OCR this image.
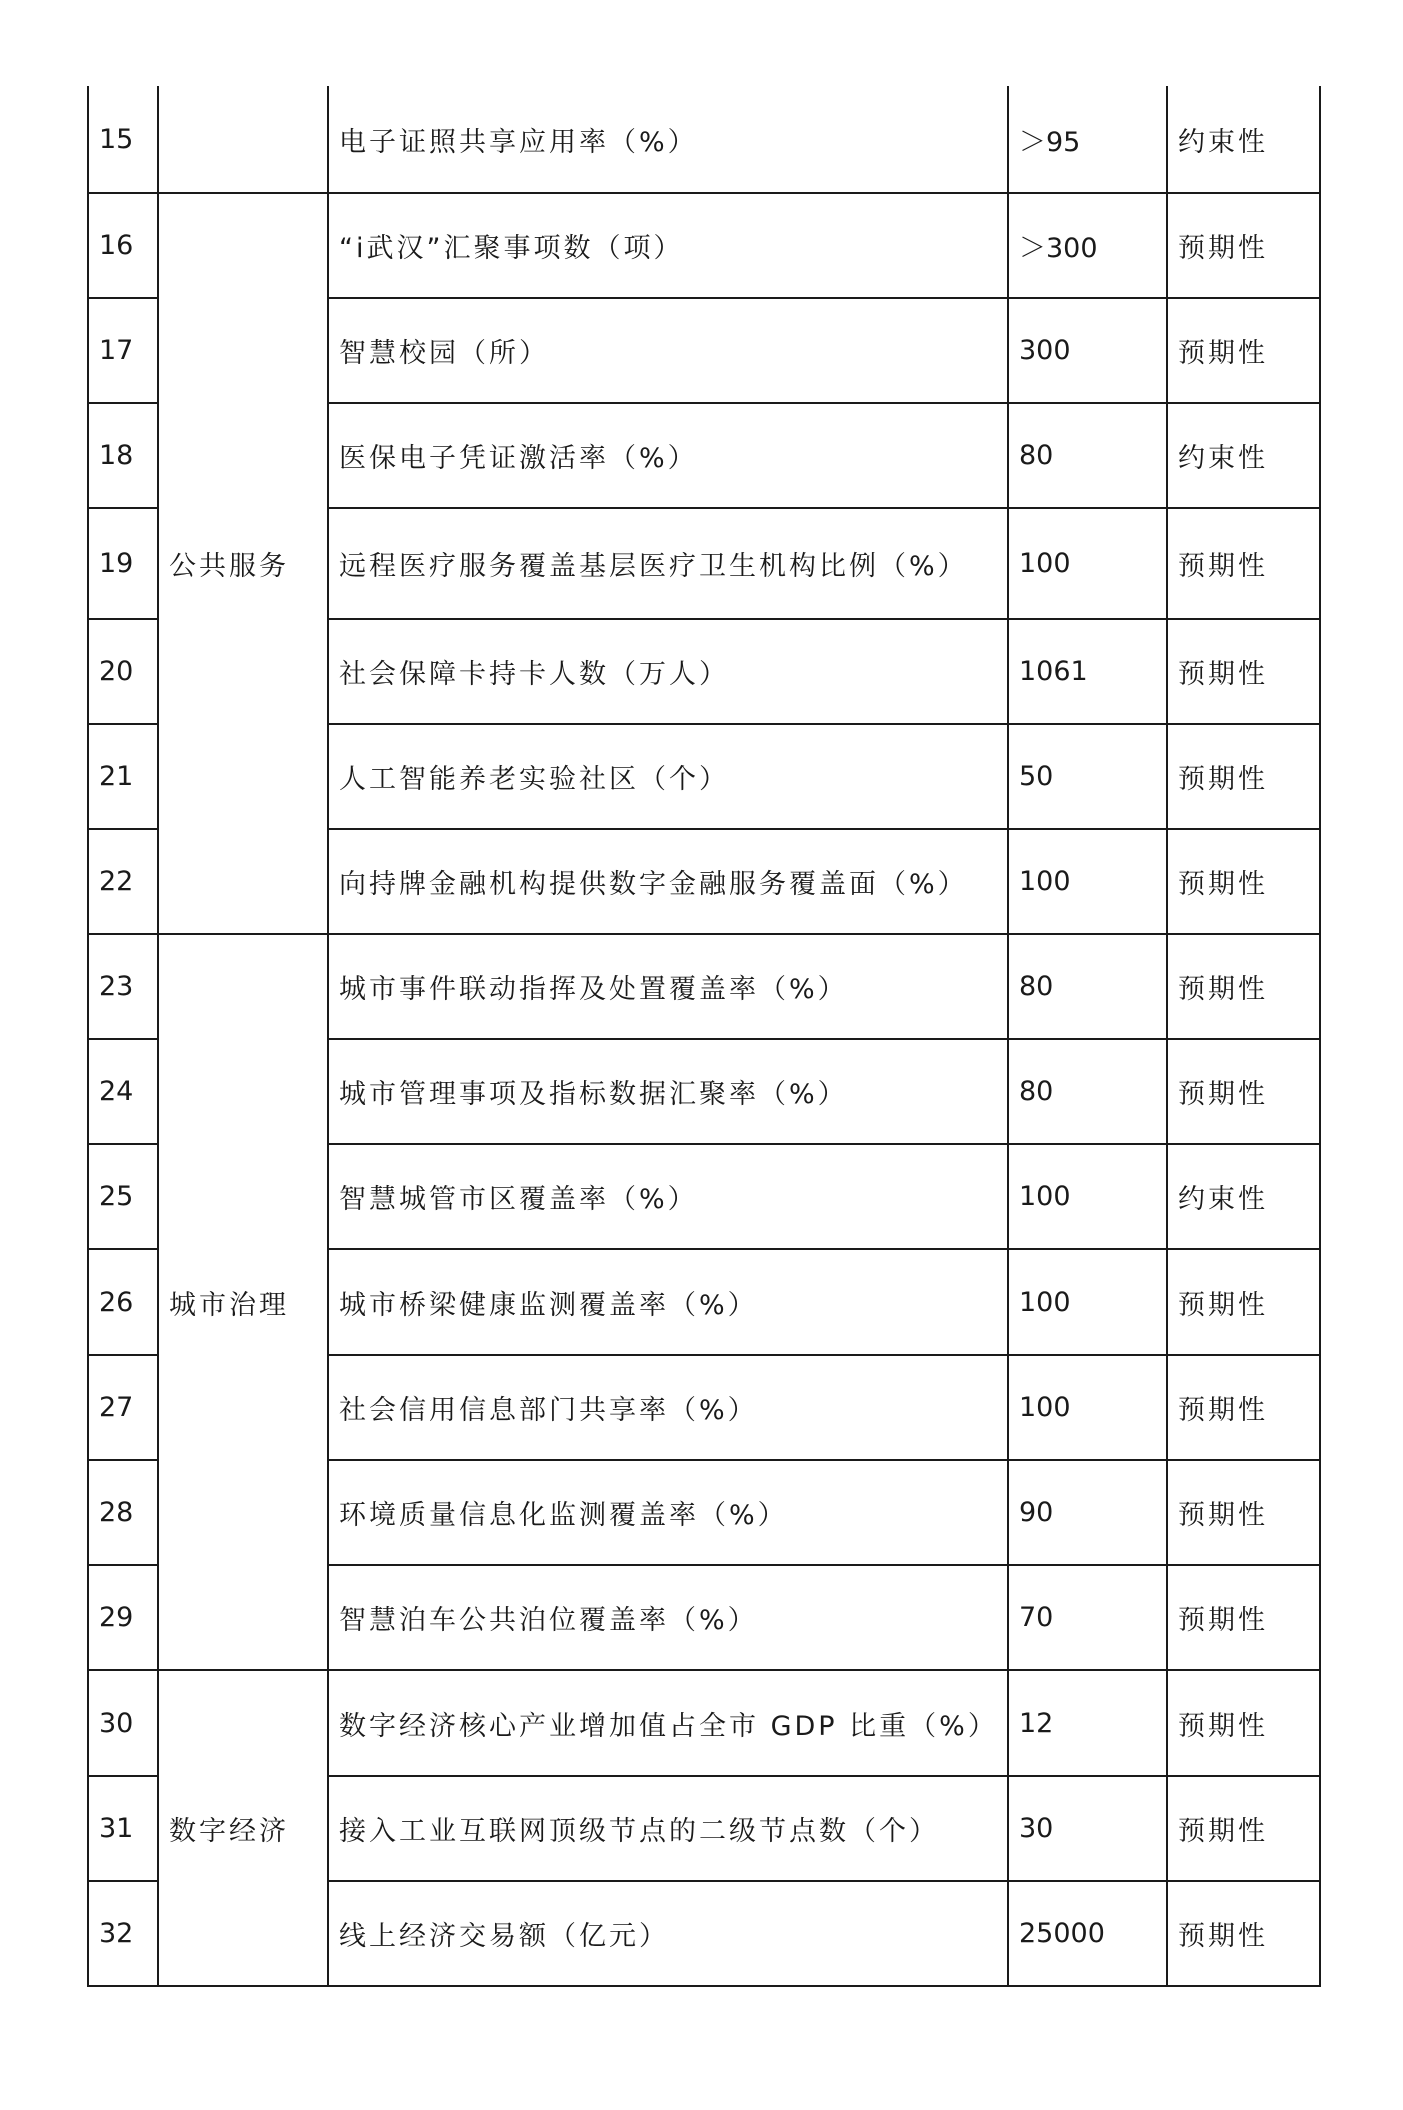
15		电子证照共享应用率（%）	＞95	约束性
16	公共服务	“i武汉”汇聚事项数（项）	＞300	预期性
17		智慧校园（所）	300	预期性
18		医保电子凭证激活率（%）	80	约束性
19		远程医疗服务覆盖基层医疗卫生机构比例（%）	100	预期性
20		社会保障卡持卡人数（万人）	1061	预期性
21		人工智能养老实验社区（个）	50	预期性
22		向持牌金融机构提供数字金融服务覆盖面（%）	100	预期性
23	城市治理	城市事件联动指挥及处置覆盖率（%）	80	预期性
24		城市管理事项及指标数据汇聚率（%）	80	预期性
25		智慧城管市区覆盖率（%）	100	约束性
26		城市桥梁健康监测覆盖率（%）	100	预期性
27		社会信用信息部门共享率（%）	100	预期性
28		环境质量信息化监测覆盖率（%）	90	预期性
29		智慧泊车公共泊位覆盖率（%）	70	预期性
30	数字经济	数字经济核心产业增加值占全市 GDP 比重（%）	12	预期性
31		接入工业互联网顶级节点的二级节点数（个）	30	预期性
32		线上经济交易额（亿元）	25000	预期性
